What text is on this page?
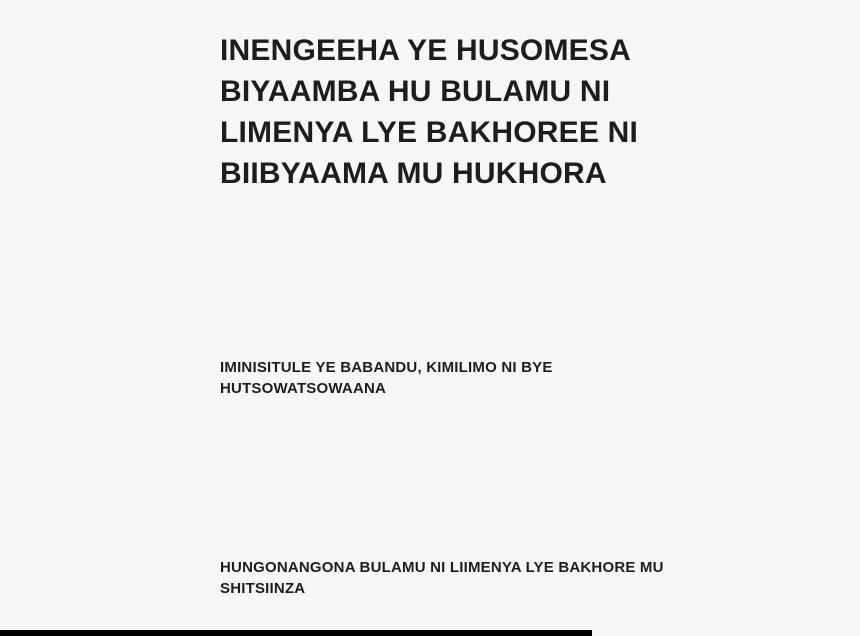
INENGEEHA YE HUSOMESA
BIYAAMBA HU BULAMU NI
LIMENYA LYE BAKHOREE NI
BIIBYAAMA MU HUKHORA
IMINISITULE YE BABANDU, KIMILIMO NI BYE
HUTSOWATSOWAANA
HUNGONANGONA BULAMU NI LIIMENYA LYE BAKHORE MU
SHITSIINZA
